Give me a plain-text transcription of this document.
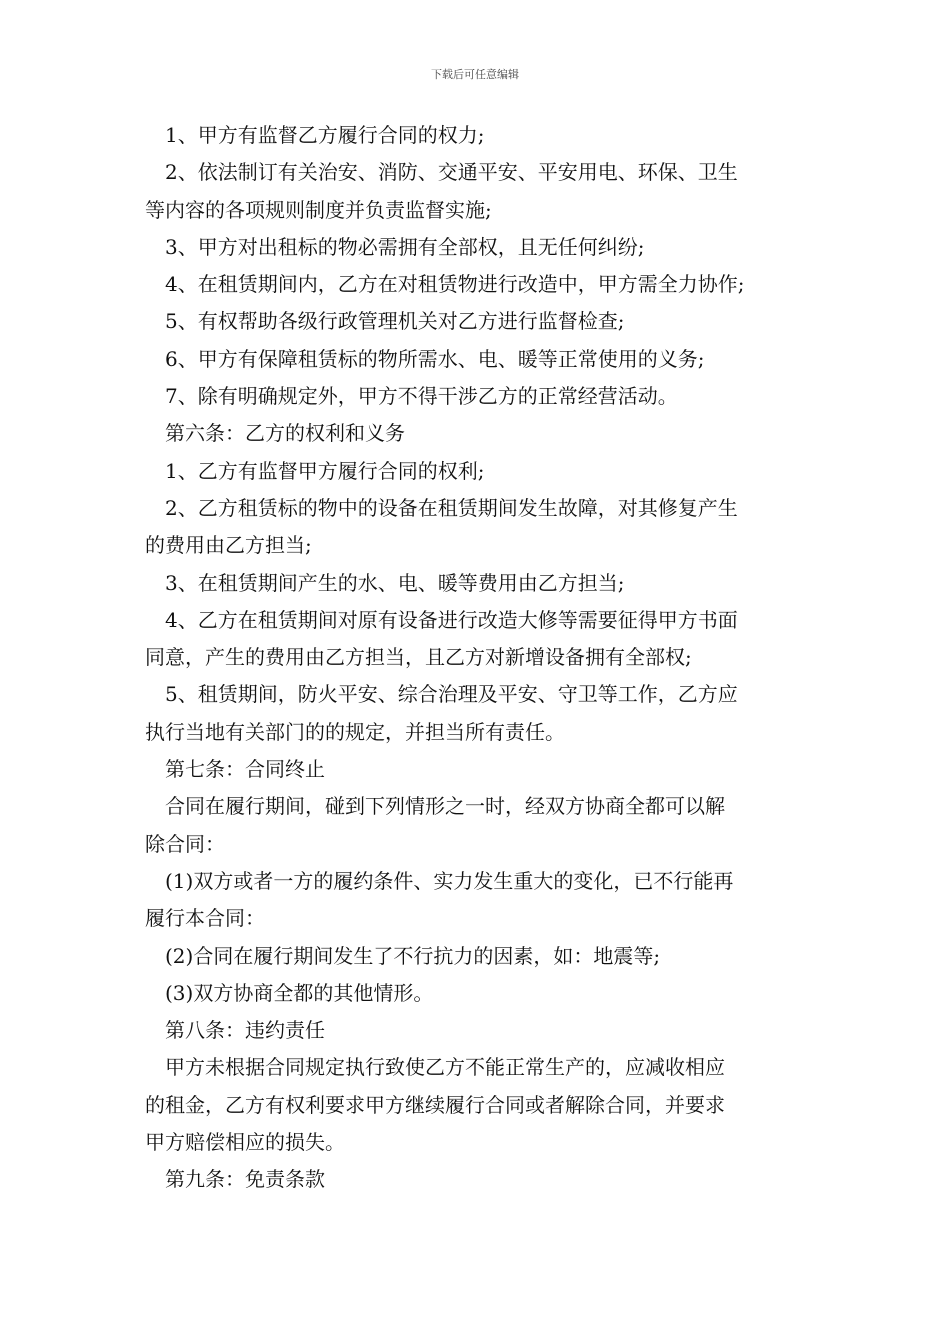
下载后可任意编辑
1、甲方有监督乙方履行合同的权力;
2、依法制订有关治安、消防、交通平安、平安用电、环保、卫生
等内容的各项规则制度并负责监督实施;
3、甲方对出租标的物必需拥有全部权，且无任何纠纷;
4、在租赁期间内，乙方在对租赁物进行改造中，甲方需全力协作;
5、有权帮助各级行政管理机关对乙方进行监督检查;
6、甲方有保障租赁标的物所需水、电、暖等正常使用的义务;
7、除有明确规定外，甲方不得干涉乙方的正常经营活动。
第六条：乙方的权利和义务
1、乙方有监督甲方履行合同的权利;
2、乙方租赁标的物中的设备在租赁期间发生故障，对其修复产生
的费用由乙方担当;
3、在租赁期间产生的水、电、暖等费用由乙方担当;
4、乙方在租赁期间对原有设备进行改造大修等需要征得甲方书面
同意，产生的费用由乙方担当，且乙方对新增设备拥有全部权;
5、租赁期间，防火平安、综合治理及平安、守卫等工作，乙方应
执行当地有关部门的的规定，并担当所有责任。
第七条：合同终止
合同在履行期间，碰到下列情形之一时，经双方协商全都可以解
除合同：
(1)双方或者一方的履约条件、实力发生重大的变化，已不行能再
履行本合同：
(2)合同在履行期间发生了不行抗力的因素，如：地震等;
(3)双方协商全都的其他情形。
第八条：违约责任
甲方未根据合同规定执行致使乙方不能正常生产的，应减收相应
的租金，乙方有权利要求甲方继续履行合同或者解除合同，并要求
甲方赔偿相应的损失。
第九条：免责条款
